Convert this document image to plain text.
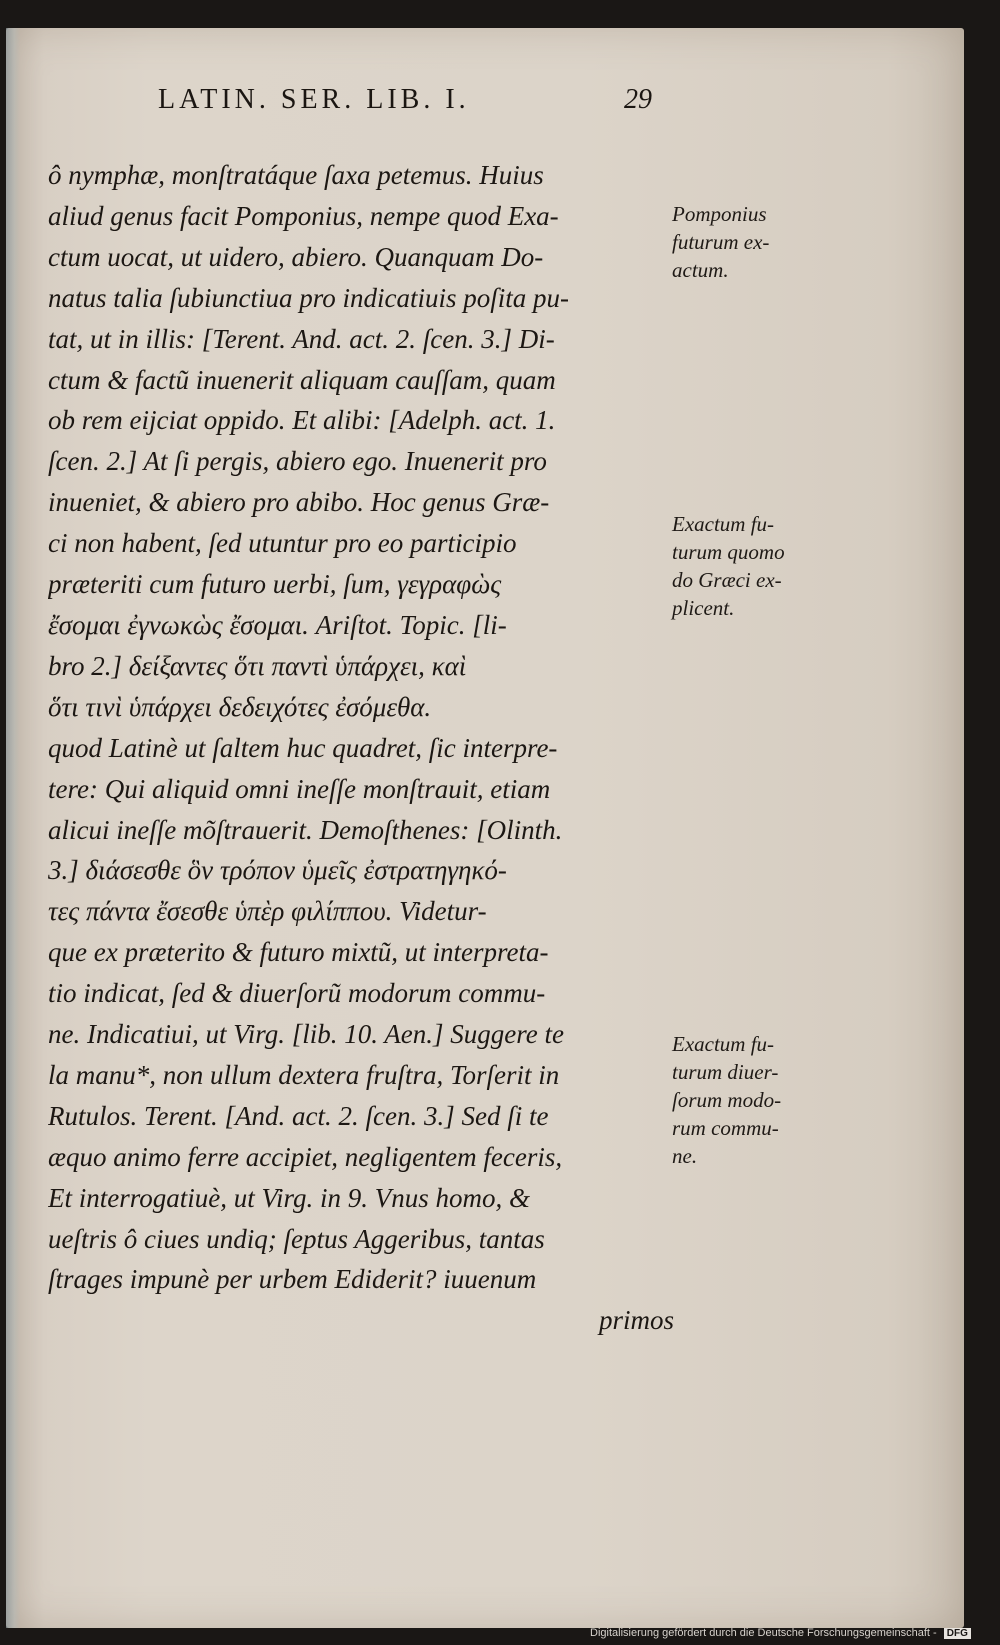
LATIN. SER. LIB. I.	29
ô nymphæ, monſtratáque ſaxa petemus. Huius
aliud genus facit Pomponius, nempe quod Exa-
ctum uocat, ut uidero, abiero. Quanquam Do-
natus talia ſubiunctiua pro indicatiuis poſita pu-
tat, ut in illis: [Terent. And. act. 2. ſcen. 3.] Di-
ctum & factũ inuenerit aliquam cauſſam, quam
ob rem eijciat oppido. Et alibi: [Adelph. act. 1.
ſcen. 2.] At ſi pergis, abiero ego. Inuenerit pro
inueniet, & abiero pro abibo. Hoc genus Græ-
ci non habent, ſed utuntur pro eo participio
præteriti cum futuro uerbi, ſum, γεγραφὼς
ἔσομαι ἐγνωκὼς ἔσομαι. Ariſtot. Topic. [li-
bro 2.] δείξαντες ὅτι παντὶ ὑπάρχει, καὶ
ὅτι τινὶ ὑπάρχει δεδειχότες ἐσόμεθα.
quod Latinè ut ſaltem huc quadret, ſic interpre-
tere: Qui aliquid omni ineſſe monſtrauit, etiam
alicui ineſſe mõſtrauerit. Demoſthenes: [Olinth.
3.] διάσεσθε ὃν τρόπον ὑμεῖς ἐστρατηγηκό-
τες πάντα ἔσεσθε ὑπὲρ φιλίππου. Videtur-
que ex præterito & futuro mixtũ, ut interpreta-
tio indicat, ſed & diuerſorũ modorum commu-
ne. Indicatiui, ut Virg. [lib. 10. Aen.] Suggere te
la manu*, non ullum dextera fruſtra, Torſerit in
Rutulos. Terent. [And. act. 2. ſcen. 3.] Sed ſi te
æquo animo ferre accipiet, negligentem feceris,
Et interrogatiuè, ut Virg. in 9. Vnus homo, &
ueſtris ô ciues undiq; ſeptus Aggeribus, tantas
ſtrages impunè per urbem Ediderit? iuuenum
primos
Pomponius
futurum ex-
actum.
Exactum fu-
turum quomo
do Græci ex-
plicent.
Exactum fu-
turum diuer-
ſorum modo-
rum commu-
ne.
Digitalisierung gefördert durch die Deutsche Forschungsgemeinschaft - DFG
